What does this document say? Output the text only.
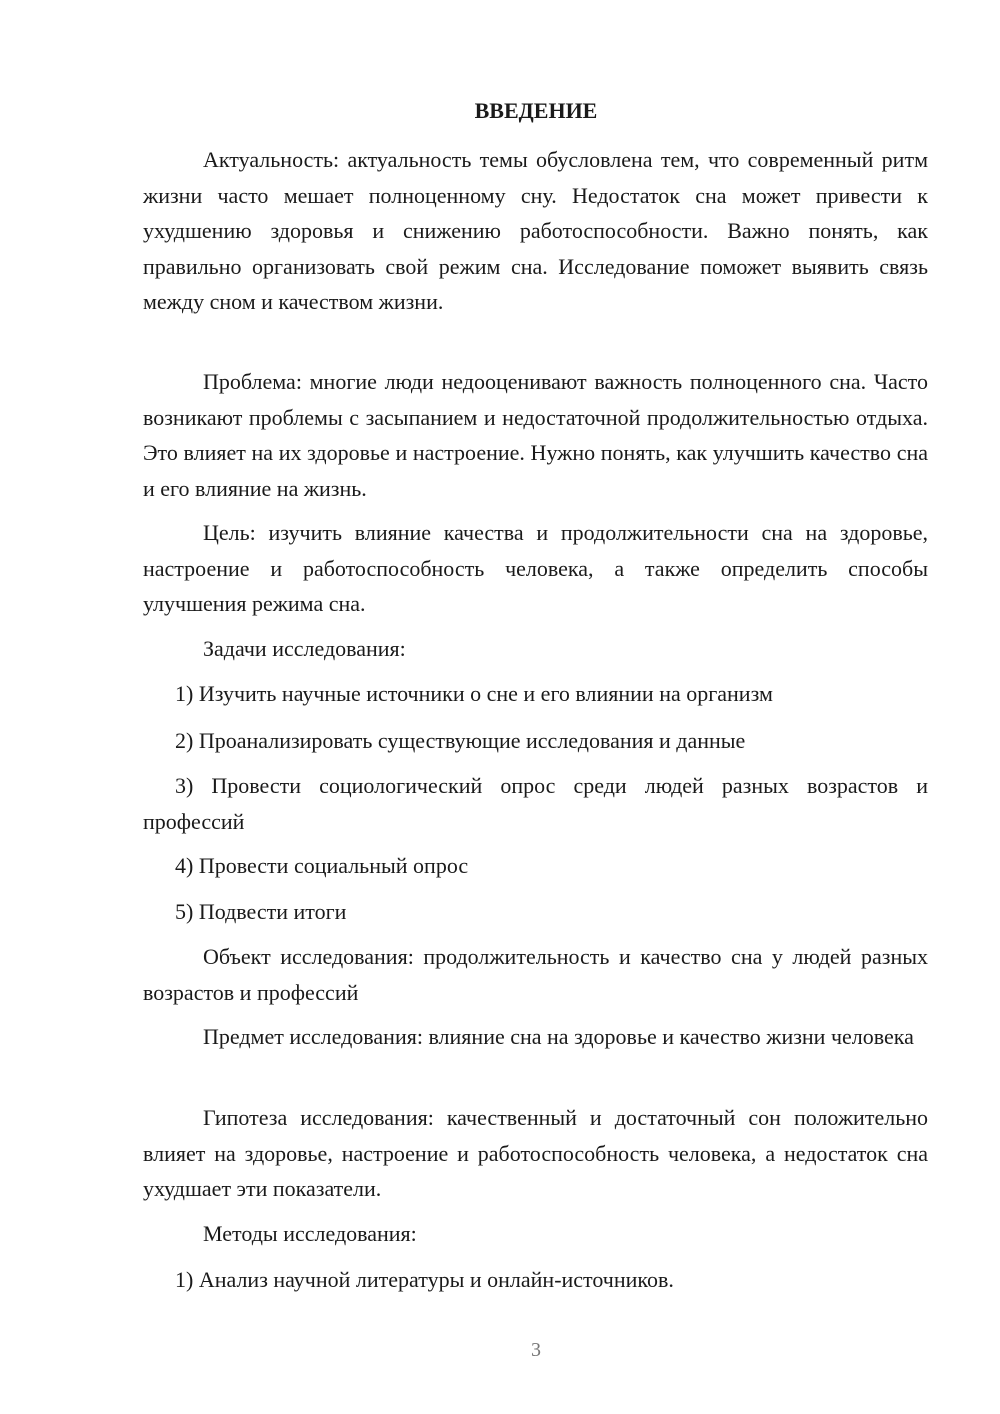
ВВЕДЕНИЕ

Актуальность: актуальность темы обусловлена тем, что современный ритм жизни часто мешает полноценному сну. Недостаток сна может привести к ухудшению здоровья и снижению работоспособности. Важно понять, как правильно организовать свой режим сна. Исследование поможет выявить связь между сном и качеством жизни.

Проблема: многие люди недооценивают важность полноценного сна. Часто возникают проблемы с засыпанием и недостаточной продолжительностью отдыха. Это влияет на их здоровье и настроение. Нужно понять, как улучшить качество сна и его влияние на жизнь.

Цель: изучить влияние качества и продолжительности сна на здоровье, настроение и работоспособность человека, а также определить способы улучшения режима сна.

Задачи исследования:

1) Изучить научные источники о сне и его влиянии на организм

2) Проанализировать существующие исследования и данные

3) Провести социологический опрос среди людей разных возрастов и профессий

4) Провести социальный опрос

5) Подвести итоги

Объект исследования: продолжительность и качество сна у людей разных возрастов и профессий

Предмет исследования: влияние сна на здоровье и качество жизни человека

Гипотеза исследования: качественный и достаточный сон положительно влияет на здоровье, настроение и работоспособность человека, а недостаток сна ухудшает эти показатели.

Методы исследования:

1) Анализ научной литературы и онлайн-источников.

3
